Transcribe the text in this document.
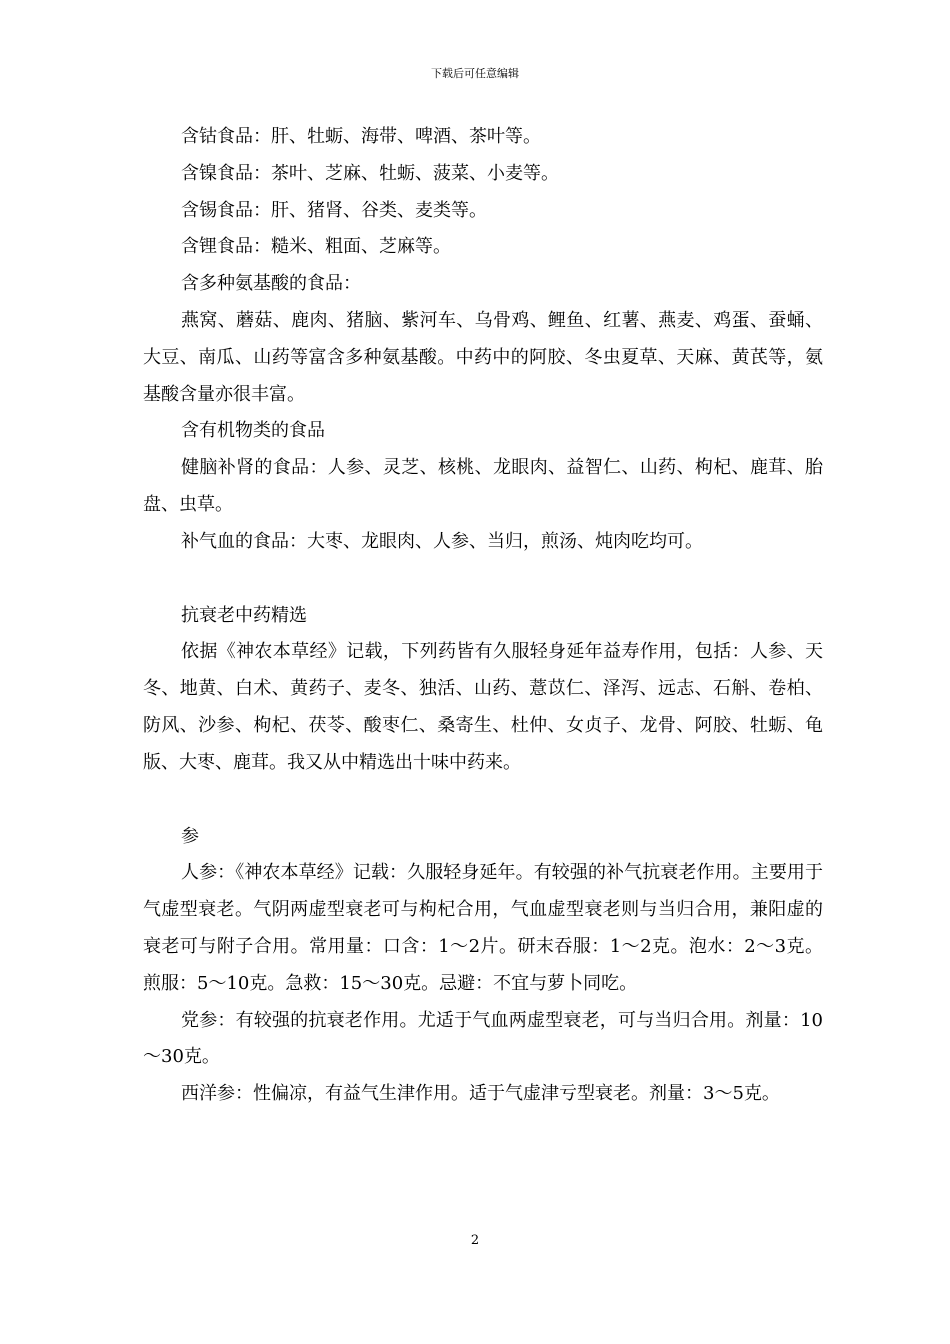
下载后可任意编辑

含钴食品：肝、牡蛎、海带、啤酒、茶叶等。

含镍食品：茶叶、芝麻、牡蛎、菠菜、小麦等。

含锡食品：肝、猪肾、谷类、麦类等。

含锂食品：糙米、粗面、芝麻等。

含多种氨基酸的食品：

燕窝、蘑菇、鹿肉、猪脑、紫河车、乌骨鸡、鲤鱼、红薯、燕麦、鸡蛋、蚕蛹、大豆、南瓜、山药等富含多种氨基酸。中药中的阿胶、冬虫夏草、天麻、黄芪等，氨基酸含量亦很丰富。

含有机物类的食品

健脑补肾的食品：人参、灵芝、核桃、龙眼肉、益智仁、山药、枸杞、鹿茸、胎盘、虫草。

补气血的食品：大枣、龙眼肉、人参、当归，煎汤、炖肉吃均可。

抗衰老中药精选

依据《神农本草经》记载，下列药皆有久服轻身延年益寿作用，包括：人参、天冬、地黄、白术、黄药子、麦冬、独活、山药、薏苡仁、泽泻、远志、石斛、卷柏、防风、沙参、枸杞、茯苓、酸枣仁、桑寄生、杜仲、女贞子、龙骨、阿胶、牡蛎、龟版、大枣、鹿茸。我又从中精选出十味中药来。

参

人参：《神农本草经》记载：久服轻身延年。有较强的补气抗衰老作用。主要用于气虚型衰老。气阴两虚型衰老可与枸杞合用，气血虚型衰老则与当归合用，兼阳虚的衰老可与附子合用。常用量：口含：1～2片。研末吞服：1～2克。泡水：2～3克。煎服：5～10克。急救：15～30克。忌避：不宜与萝卜同吃。

党参：有较强的抗衰老作用。尤适于气血两虚型衰老，可与当归合用。剂量：10～30克。

西洋参：性偏凉，有益气生津作用。适于气虚津亏型衰老。剂量：3～5克。

2
